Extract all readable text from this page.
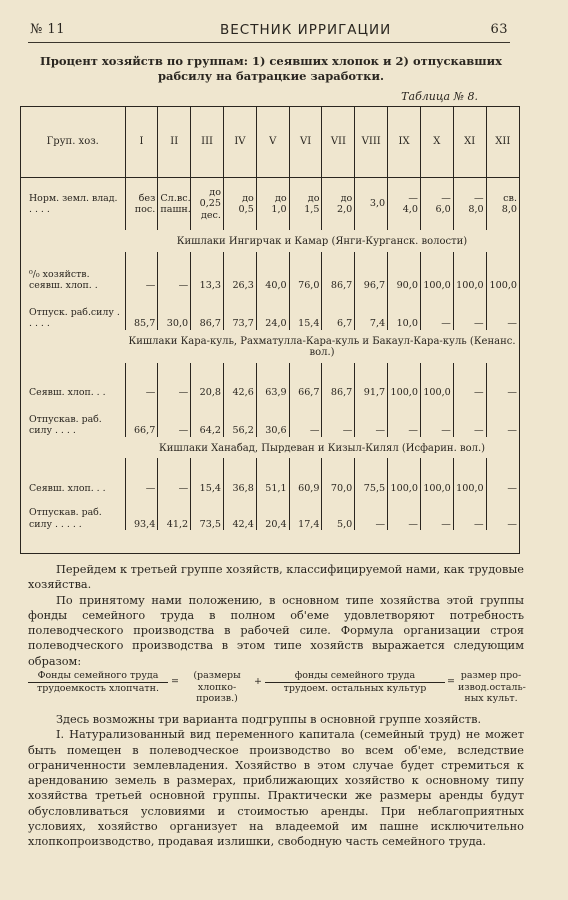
№ 11	ВЕСТНИК ИРРИГАЦИИ	63
Процент хозяйств по группам: 1) сеявших хлопок и 2) отпускавших рабсилу на батрацкие заработки.
Таблица № 8.
Груп. хоз.	I	II	III	IV	V	VI	VII	VIII	IX	X	XI	XII
Норм. земл. влад. . . . .	без пос.	Сл.вс. пашн.	до 0,25 дес.	до 0,5	до 1,0	до 1,5	до 2,0	3,0	— 4,0	— 6,0	— 8,0	св. 8,0
	Кишлаки Ингирчак и Камар (Янги-Курганск. волости)											
⁰/₀ хозяйств. сеявш. хлоп. .	—	—	13,3	26,3	40,0	76,0	86,7	96,7	90,0	100,0	100,0	100,0
Отпуск. раб.силу . . . . .	85,7	30,0	86,7	73,7	24,0	15,4	6,7	7,4	10,0	—	—	—
	Кишлаки Кара-куль, Рахматулла-Кара-куль и Бакаул-Кара-куль (Кенанс. вол.)											
Сеявш. хлоп. . .	—	—	20,8	42,6	63,9	66,7	86,7	91,7	100,0	100,0	—	—
Отпускав. раб. силу . . . .	66,7	—	64,2	56,2	30,6	—	—	—	—	—	—	—
	Кишлаки Ханабад, Пырдеван и Кизыл-Килял (Исфарин. вол.)											
Сеявш. хлоп. . .	—	—	15,4	36,8	51,1	60,9	70,0	75,5	100,0	100,0	100,0	—
Отпускав. раб. силу . . . . .	93,4	41,2	73,5	42,4	20,4	17,4	5,0	—	—	—	—	—

Перейдем к третьей группе хозяйств, классифицируемой нами, как трудовые хозяйства.

По принятому нами положению, в основном типе хозяйства этой группы фонды семейного труда в полном об'еме удовлетворяют потребность полеводческого производства в рабочей силе. Формула организации строя полеводческого производства в этом типе хозяйств выражается следующим образом:

Фонды семейного труда
трудоемкость хлопчатн.
=
(размеры хлопко- произв.)
+
фонды семейного труда
трудоем. остальных культур
=
размер про- извод.осталь- ных культ.

Здесь возможны три варианта подгруппы в основной группе хозяйств.

I. Натурализованный вид переменного капитала (семейный труд) не может быть помещен в полеводческое производство во всем об'еме, вследствие ограниченности землевладения. Хозяйство в этом случае будет стремиться к арендованию земель в размерах, приближающих хозяйство к основному типу хозяйства третьей основной группы. Практически же размеры аренды будут обусловливаться условиями и стоимостью аренды. При неблагоприятных условиях, хозяйство организует на владеемой им пашне исключительно хлопкопроизводство, продавая излишки, свободную часть семейного труда.
